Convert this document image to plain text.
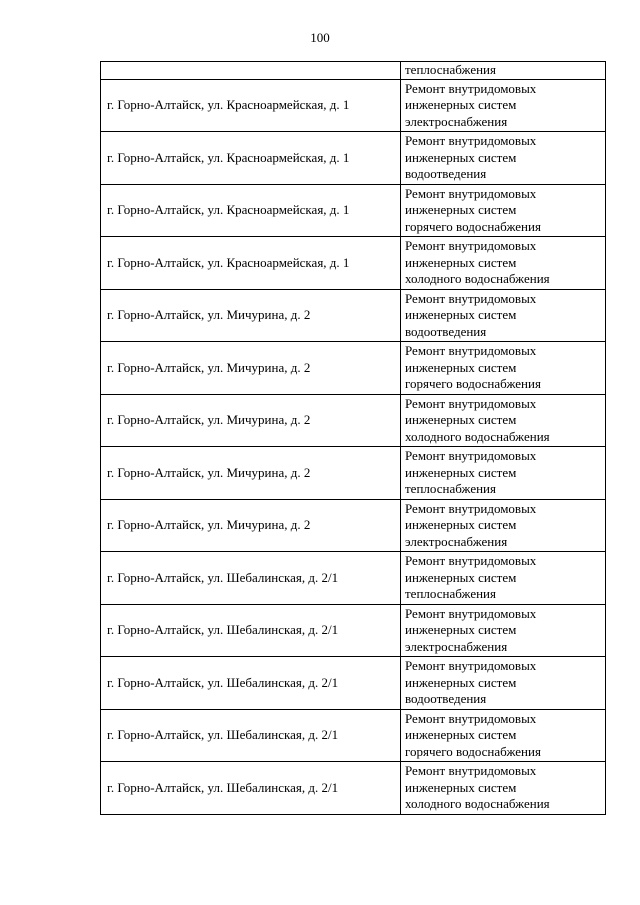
100
	теплоснабжения
г. Горно-Алтайск, ул. Красноармейская, д. 1	Ремонт внутридомовых
инженерных систем
электроснабжения

г. Горно-Алтайск, ул. Красноармейская, д. 1	Ремонт внутридомовых
инженерных систем
водоотведения

г. Горно-Алтайск, ул. Красноармейская, д. 1	Ремонт внутридомовых
инженерных систем
горячего водоснабжения

г. Горно-Алтайск, ул. Красноармейская, д. 1	Ремонт внутридомовых
инженерных систем
холодного водоснабжения

г. Горно-Алтайск, ул. Мичурина, д. 2	Ремонт внутридомовых
инженерных систем
водоотведения

г. Горно-Алтайск, ул. Мичурина, д. 2	Ремонт внутридомовых
инженерных систем
горячего водоснабжения

г. Горно-Алтайск, ул. Мичурина, д. 2	Ремонт внутридомовых
инженерных систем
холодного водоснабжения

г. Горно-Алтайск, ул. Мичурина, д. 2	Ремонт внутридомовых
инженерных систем
теплоснабжения

г. Горно-Алтайск, ул. Мичурина, д. 2	Ремонт внутридомовых
инженерных систем
электроснабжения

г. Горно-Алтайск, ул. Шебалинская, д. 2/1	Ремонт внутридомовых
инженерных систем
теплоснабжения

г. Горно-Алтайск, ул. Шебалинская, д. 2/1	Ремонт внутридомовых
инженерных систем
электроснабжения

г. Горно-Алтайск, ул. Шебалинская, д. 2/1	Ремонт внутридомовых
инженерных систем
водоотведения

г. Горно-Алтайск, ул. Шебалинская, д. 2/1	Ремонт внутридомовых
инженерных систем
горячего водоснабжения

г. Горно-Алтайск, ул. Шебалинская, д. 2/1	Ремонт внутридомовых
инженерных систем
холодного водоснабжения
